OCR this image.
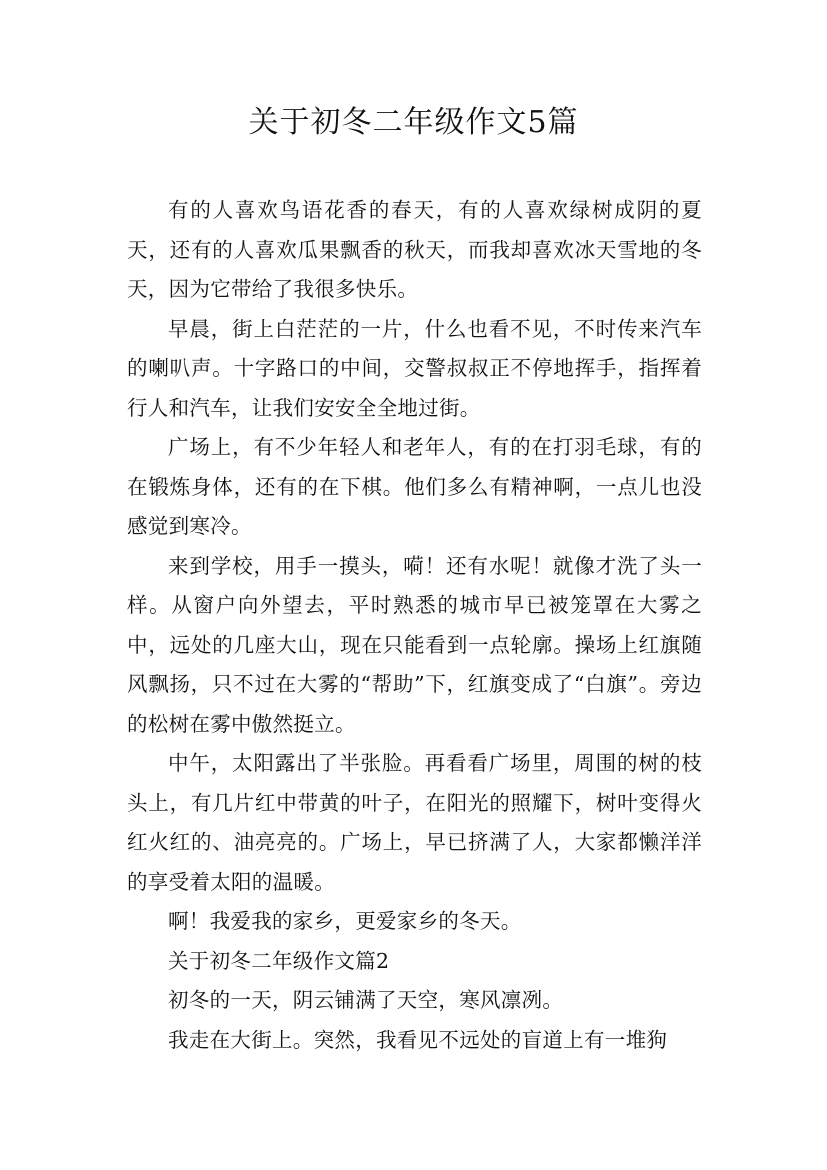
关于初冬二年级作文5篇

有的人喜欢鸟语花香的春天，有的人喜欢绿树成阴的夏天，还有的人喜欢瓜果飘香的秋天，而我却喜欢冰天雪地的冬天，因为它带给了我很多快乐。

早晨，街上白茫茫的一片，什么也看不见，不时传来汽车的喇叭声。十字路口的中间，交警叔叔正不停地挥手，指挥着行人和汽车，让我们安安全全地过街。

广场上，有不少年轻人和老年人，有的在打羽毛球，有的在锻炼身体，还有的在下棋。他们多么有精神啊，一点儿也没感觉到寒冷。

来到学校，用手一摸头，嗬！还有水呢！就像才洗了头一样。从窗户向外望去，平时熟悉的城市早已被笼罩在大雾之中，远处的几座大山，现在只能看到一点轮廓。操场上红旗随风飘扬，只不过在大雾的“帮助”下，红旗变成了“白旗”。旁边的松树在雾中傲然挺立。

中午，太阳露出了半张脸。再看看广场里，周围的树的枝头上，有几片红中带黄的叶子，在阳光的照耀下，树叶变得火红火红的、油亮亮的。广场上，早已挤满了人，大家都懒洋洋的享受着太阳的温暖。

啊！我爱我的家乡，更爱家乡的冬天。

关于初冬二年级作文篇2

初冬的一天，阴云铺满了天空，寒风凛冽。

我走在大街上。突然，我看见不远处的盲道上有一堆狗
